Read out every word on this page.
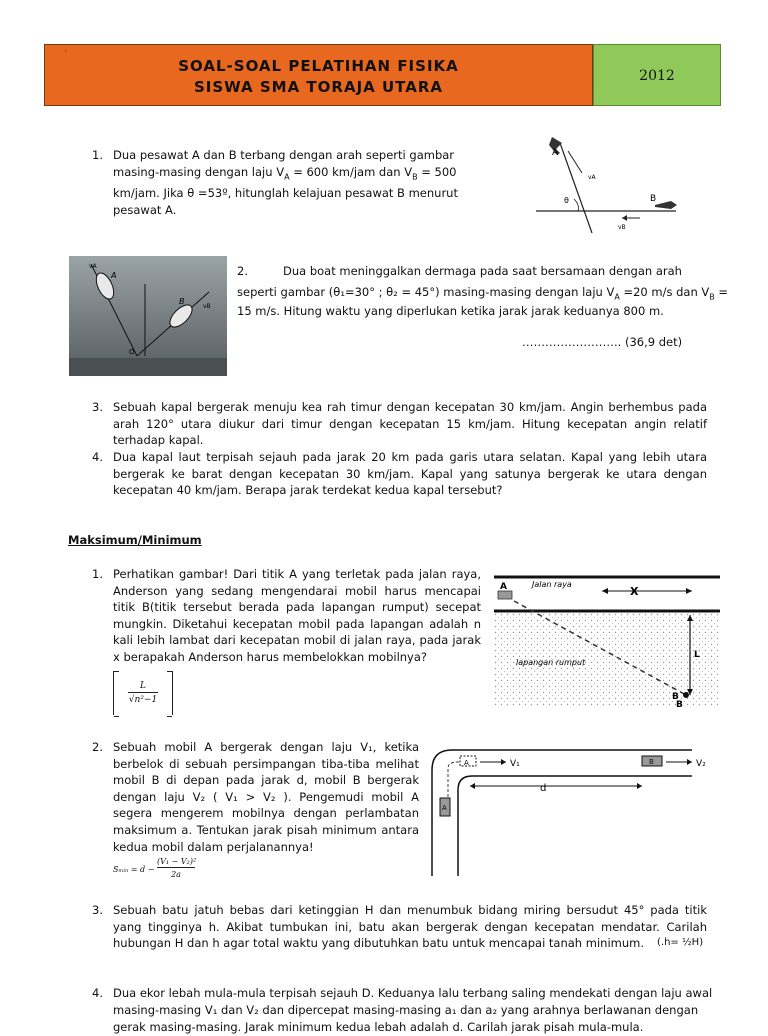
·
SOAL-SOAL PELATIHAN FISIKA
SISWA SMA TORAJA UTARA
2012
1. Dua pesawat A dan B terbang dengan arah seperti gambar masing-masing dengan laju $V_A = 600$ km/jam dan $V_B = 500$ km/jam. Jika θ =53º, hitunglah kelajuan pesawat B menurut pesawat A.

A
B
θ
vA
vB
A
B
vA
vB
O
2.	Dua boat meninggalkan dermaga pada saat bersamaan dengan arah

seperti gambar (θ₁=30° ; θ₂ = 45°) masing-masing dengan laju $V_A =20$ m/s dan $V_B$ =

15 m/s. Hitung waktu yang diperlukan ketika jarak jarak keduanya 800 m.

…………………….. (36,9 det)

3. Sebuah kapal bergerak menuju kea rah timur dengan kecepatan 30 km/jam. Angin berhembus pada arah 120° utara diukur dari timur dengan kecepatan 15 km/jam. Hitung kecepatan angin relatif terhadap kapal.

4. Dua kapal laut terpisah sejauh pada jarak 20 km pada garis utara selatan. Kapal yang lebih utara bergerak ke barat dengan kecepatan 30 km/jam. Kapal yang satunya bergerak ke utara dengan kecepatan 40 km/jam. Berapa jarak terdekat kedua kapal tersebut?

Maksimum/Minimum

1. Perhatikan gambar! Dari titik A yang terletak pada jalan raya, Anderson yang sedang mengendarai mobil harus mencapai titik B(titik tersebut berada pada lapangan rumput) secepat mungkin. Diketahui kecepatan mobil pada lapangan adalah n kali lebih lambat dari kecepatan mobil di jalan raya, pada jarak x berapakah Anderson harus membelokkan mobilnya?

L
√n²−1
A	Jalan raya
X
L
B
B
lapangan rumput
2. Sebuah mobil A bergerak dengan laju V₁, ketika berbelok di sebuah persimpangan tiba-tiba melihat mobil B di depan pada jarak d, mobil B bergerak dengan laju V₂ ( V₁ > V₂ ). Pengemudi mobil A segera mengerem mobilnya dengan perlambatan maksimum a. Tentukan jarak pisah minimum antara kedua mobil dalam perjalanannya!

Sₘᵢₙ = d −
(V₁ − V₂)²
2a
A	V₁	B	V₂
d
A
3. Sebuah batu jatuh bebas dari ketinggian H dan menumbuk bidang miring bersudut 45° pada titik yang tingginya h. Akibat tumbukan ini, batu akan bergerak dengan kecepatan mendatar. Carilah hubungan H dan h agar total waktu yang dibutuhkan batu untuk mencapai tanah minimum.	(.h= ½H)

4. Dua ekor lebah mula-mula terpisah sejauh D. Keduanya lalu terbang saling mendekati dengan laju awal

masing-masing V₁ dan V₂ dan dipercepat masing-masing a₁ dan a₂ yang arahnya berlawanan dengan

gerak masing-masing. Jarak minimum kedua lebah adalah d. Carilah jarak pisah mula-mula.
